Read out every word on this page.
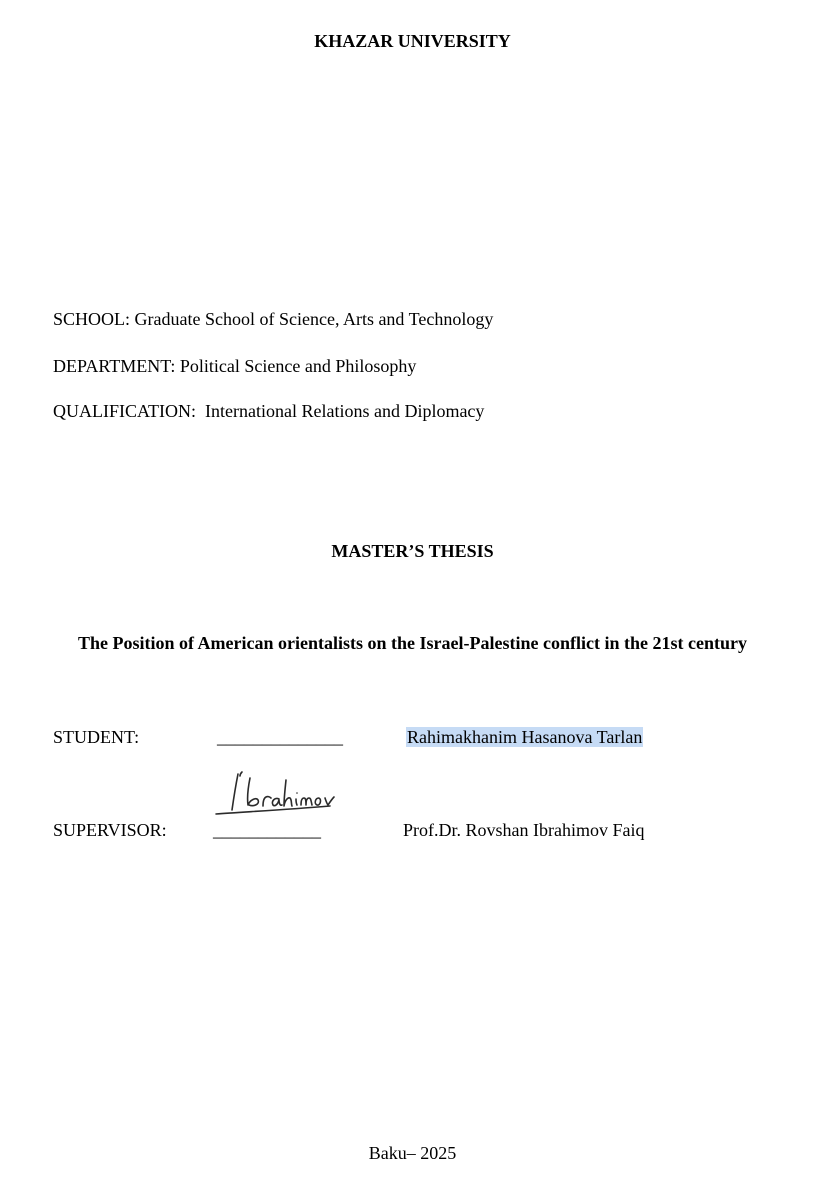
KHAZAR UNIVERSITY
SCHOOL: Graduate School of Science, Arts and Technology
DEPARTMENT: Political Science and Philosophy
QUALIFICATION: International Relations and Diplomacy
MASTER’S THESIS
The Position of American orientalists on the Israel-Palestine conflict in the 21st century
STUDENT:	______________	Rahimakhanim Hasanova Tarlan
SUPERVISOR:	____________	Prof.Dr. Rovshan Ibrahimov Faiq
Baku– 2025
